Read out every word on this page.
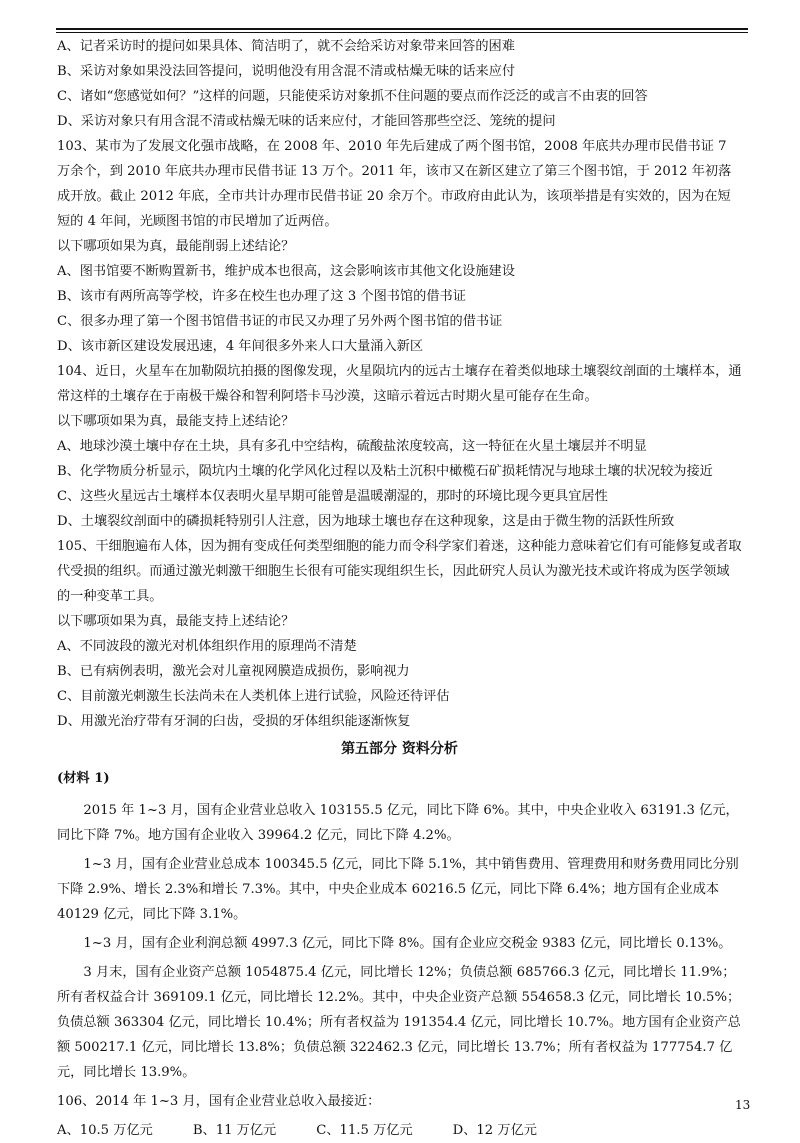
A、记者采访时的提问如果具体、简洁明了，就不会给采访对象带来回答的困难

B、采访对象如果没法回答提问，说明他没有用含混不清或枯燥无味的话来应付

C、诸如“您感觉如何？”这样的问题，只能使采访对象抓不住问题的要点而作泛泛的或言不由衷的回答

D、采访对象只有用含混不清或枯燥无味的话来应付，才能回答那些空泛、笼统的提问

103、某市为了发展文化强市战略，在 2008 年、2010 年先后建成了两个图书馆，2008 年底共办理市民借书证 7 万余个，到 2010 年底共办理市民借书证 13 万个。2011 年，该市又在新区建立了第三个图书馆，于 2012 年初落成开放。截止 2012 年底，全市共计办理市民借书证 20 余万个。市政府由此认为，该项举措是有实效的，因为在短短的 4 年间，光顾图书馆的市民增加了近两倍。

以下哪项如果为真，最能削弱上述结论？

A、图书馆要不断购置新书，维护成本也很高，这会影响该市其他文化设施建设

B、该市有两所高等学校，许多在校生也办理了这 3 个图书馆的借书证

C、很多办理了第一个图书馆借书证的市民又办理了另外两个图书馆的借书证

D、该市新区建设发展迅速，4 年间很多外来人口大量涌入新区

104、近日，火星车在加勒陨坑拍摄的图像发现，火星陨坑内的远古土壤存在着类似地球土壤裂纹剖面的土壤样本，通常这样的土壤存在于南极干燥谷和智利阿塔卡马沙漠，这暗示着远古时期火星可能存在生命。

以下哪项如果为真，最能支持上述结论？

A、地球沙漠土壤中存在土块，具有多孔中空结构，硫酸盐浓度较高，这一特征在火星土壤层并不明显

B、化学物质分析显示，陨坑内土壤的化学风化过程以及粘土沉积中橄榄石矿损耗情况与地球土壤的状况较为接近

C、这些火星远古土壤样本仅表明火星早期可能曾是温暖潮湿的，那时的环境比现今更具宜居性

D、土壤裂纹剖面中的磷损耗特别引人注意，因为地球土壤也存在这种现象，这是由于微生物的活跃性所致

105、干细胞遍布人体，因为拥有变成任何类型细胞的能力而令科学家们着迷，这种能力意味着它们有可能修复或者取代受损的组织。而通过激光刺激干细胞生长很有可能实现组织生长，因此研究人员认为激光技术或许将成为医学领域的一种变革工具。

以下哪项如果为真，最能支持上述结论？

A、不同波段的激光对机体组织作用的原理尚不清楚

B、已有病例表明，激光会对儿童视网膜造成损伤，影响视力

C、目前激光刺激生长法尚未在人类机体上进行试验，风险还待评估

D、用激光治疗带有牙洞的臼齿，受损的牙体组织能逐渐恢复

第五部分 资料分析

(材料 1)

2015 年 1~3 月，国有企业营业总收入 103155.5 亿元，同比下降 6%。其中，中央企业收入 63191.3 亿元，同比下降 7%。地方国有企业收入 39964.2 亿元，同比下降 4.2%。

1~3 月，国有企业营业总成本 100345.5 亿元，同比下降 5.1%，其中销售费用、管理费用和财务费用同比分别下降 2.9%、增长 2.3%和增长 7.3%。其中，中央企业成本 60216.5 亿元，同比下降 6.4%；地方国有企业成本 40129 亿元，同比下降 3.1%。

1~3 月，国有企业利润总额 4997.3 亿元，同比下降 8%。国有企业应交税金 9383 亿元，同比增长 0.13%。

3 月末，国有企业资产总额 1054875.4 亿元，同比增长 12%；负债总额 685766.3 亿元，同比增长 11.9%；所有者权益合计 369109.1 亿元，同比增长 12.2%。其中，中央企业资产总额 554658.3 亿元，同比增长 10.5%；负债总额 363304 亿元，同比增长 10.4%；所有者权益为 191354.4 亿元，同比增长 10.7%。地方国有企业资产总额 500217.1 亿元，同比增长 13.8%；负债总额 322462.3 亿元，同比增长 13.7%；所有者权益为 177754.7 亿元，同比增长 13.9%。

106、2014 年 1~3 月，国有企业营业总收入最接近：

A、10.5 万亿元	B、11 万亿元	C、11.5 万亿元	D、12 万亿元
13
